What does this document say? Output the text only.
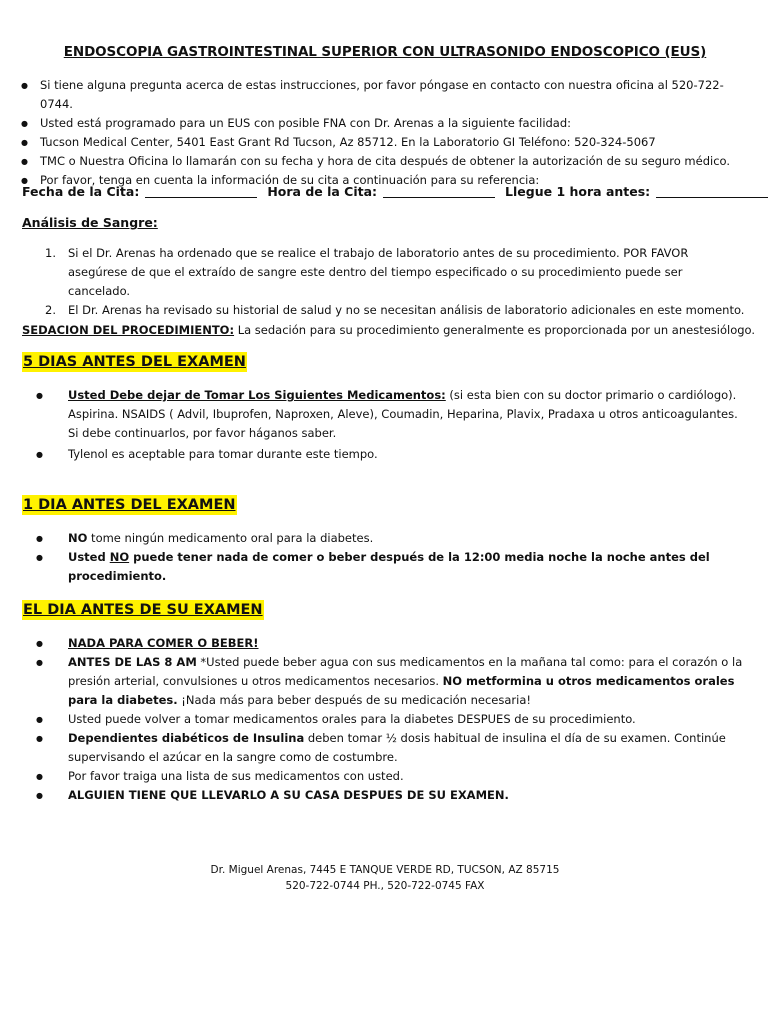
ENDOSCOPIA GASTROINTESTINAL SUPERIOR CON ULTRASONIDO ENDOSCOPICO (EUS)
● Si tiene alguna pregunta acerca de estas instrucciones, por favor póngase en contacto con nuestra oficina al 520-722-0744.
● Usted está programado para un EUS con posible FNA con Dr. Arenas a la siguiente facilidad:
● Tucson Medical Center, 5401 East Grant Rd Tucson, Az 85712. En la Laboratorio GI Teléfono: 520-324-5067
● TMC o Nuestra Oficina lo llamarán con su fecha y hora de cita después de obtener la autorización de su seguro médico.
● Por favor, tenga en cuenta la información de su cita a continuación para su referencia:
Fecha de la Cita:	Hora de la Cita:	Llegue 1 hora antes:
Análisis de Sangre:
1. Si el Dr. Arenas ha ordenado que se realice el trabajo de laboratorio antes de su procedimiento. POR FAVOR asegúrese de que el extraído de sangre este dentro del tiempo especificado o su procedimiento puede ser cancelado.
2. El Dr. Arenas ha revisado su historial de salud y no se necesitan análisis de laboratorio adicionales en este momento.
SEDACION DEL PROCEDIMIENTO: La sedación para su procedimiento generalmente es proporcionada por un anestesiólogo.
5 DIAS ANTES DEL EXAMEN
● Usted Debe dejar de Tomar Los Siguientes Medicamentos: (si esta bien con su doctor primario o cardiólogo). Aspirina. NSAIDS ( Advil, Ibuprofen, Naproxen, Aleve), Coumadin, Heparina, Plavix, Pradaxa u otros anticoagulantes. Si debe continuarlos, por favor háganos saber.
● Tylenol es aceptable para tomar durante este tiempo.
1 DIA ANTES DEL EXAMEN
● NO tome ningún medicamento oral para la diabetes.
● Usted NO puede tener nada de comer o beber después de la 12:00 media noche la noche antes del procedimiento.
EL DIA ANTES DE SU EXAMEN
● NADA PARA COMER O BEBER!
● ANTES DE LAS 8 AM *Usted puede beber agua con sus medicamentos en la mañana tal como: para el corazón o la presión arterial, convulsiones u otros medicamentos necesarios. NO metformina u otros medicamentos orales para la diabetes. ¡Nada más para beber después de su medicación necesaria!
● Usted puede volver a tomar medicamentos orales para la diabetes DESPUES de su procedimiento.
● Dependientes diabéticos de Insulina deben tomar ½ dosis habitual de insulina el día de su examen. Continúe supervisando el azúcar en la sangre como de costumbre.
● Por favor traiga una lista de sus medicamentos con usted.
● ALGUIEN TIENE QUE LLEVARLO A SU CASA DESPUES DE SU EXAMEN.
Dr. Miguel Arenas, 7445 E TANQUE VERDE RD, TUCSON, AZ 85715
520-722-0744 PH., 520-722-0745 FAX
